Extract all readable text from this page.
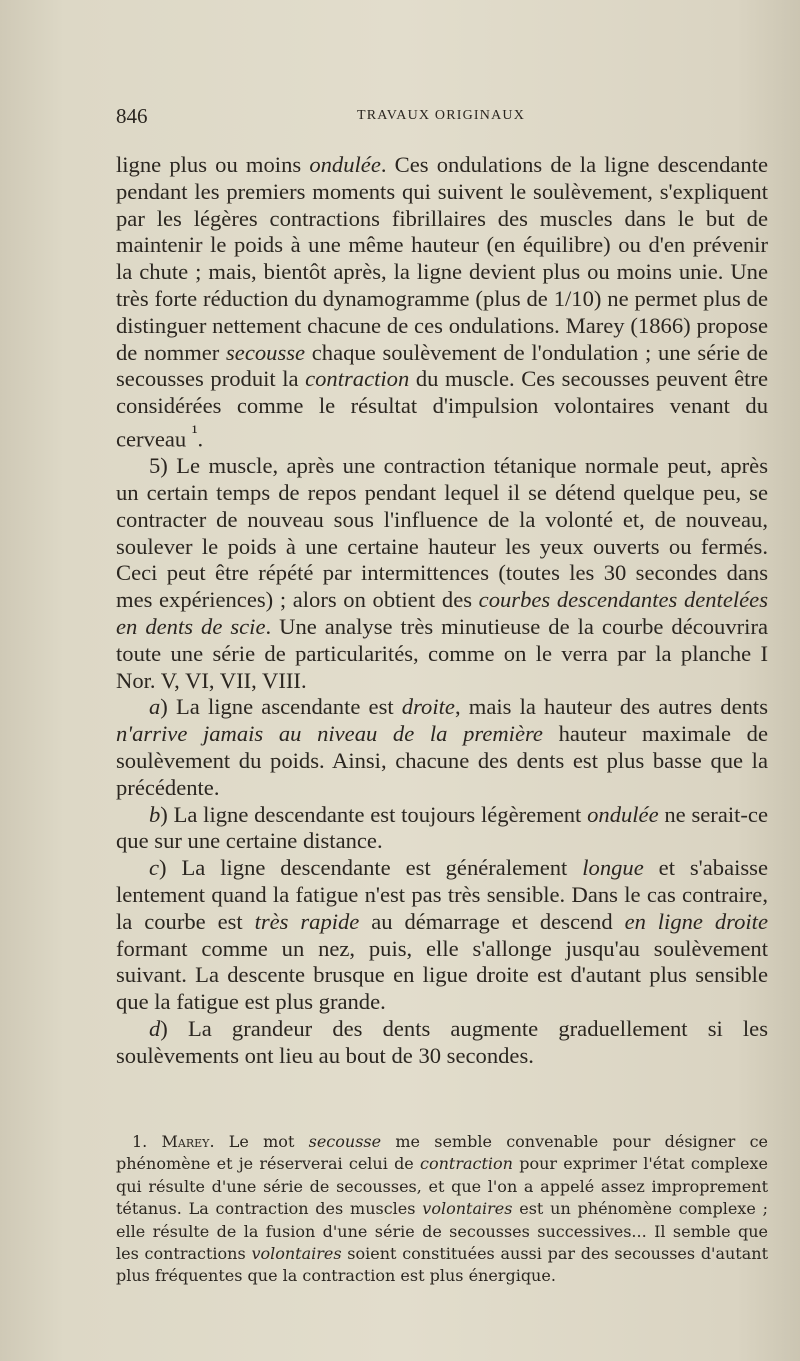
846	TRAVAUX ORIGINAUX

ligne plus ou moins ondulée. Ces ondulations de la ligne descendante pendant les premiers moments qui suivent le soulèvement, s'expliquent par les légères contractions fibrillaires des muscles dans le but de maintenir le poids à une même hauteur (en équilibre) ou d'en prévenir la chute ; mais, bientôt après, la ligne devient plus ou moins unie. Une très forte réduction du dynamogramme (plus de 1/10) ne permet plus de distinguer nettement chacune de ces ondulations. Marey (1866) propose de nommer secousse chaque soulèvement de l'ondulation ; une série de secousses produit la contraction du muscle. Ces secousses peuvent être considérées comme le résultat d'impulsion volontaires venant du cerveau $^{^1}$.

5) Le muscle, après une contraction tétanique normale peut, après un certain temps de repos pendant lequel il se détend quelque peu, se contracter de nouveau sous l'influence de la volonté et, de nouveau, soulever le poids à une certaine hauteur les yeux ouverts ou fermés. Ceci peut être répété par intermittences (toutes les 30 secondes dans mes expériences) ; alors on obtient des courbes descendantes dentelées en dents de scie. Une analyse très minutieuse de la courbe découvrira toute une série de particularités, comme on le verra par la planche I Nor. V, VI, VII, VIII.

a) La ligne ascendante est droite, mais la hauteur des autres dents n'arrive jamais au niveau de la première hauteur maximale de soulèvement du poids. Ainsi, chacune des dents est plus basse que la précédente.

b) La ligne descendante est toujours légèrement ondulée ne serait-ce que sur une certaine distance.

c) La ligne descendante est généralement longue et s'abaisse lentement quand la fatigue n'est pas très sensible. Dans le cas contraire, la courbe est très rapide au démarrage et descend en ligne droite formant comme un nez, puis, elle s'allonge jusqu'au soulèvement suivant. La descente brusque en ligue droite est d'autant plus sensible que la fatigue est plus grande.

d) La grandeur des dents augmente graduellement si les soulèvements ont lieu au bout de 30 secondes.

1. Marey. Le mot secousse me semble convenable pour désigner ce phénomène et je réserverai celui de contraction pour exprimer l'état complexe qui résulte d'une série de secousses, et que l'on a appelé assez improprement tétanus. La contraction des muscles volontaires est un phénomène complexe ; elle résulte de la fusion d'une série de secousses successives... Il semble que les contractions volontaires soient constituées aussi par des secousses d'autant plus fréquentes que la contraction est plus énergique.
